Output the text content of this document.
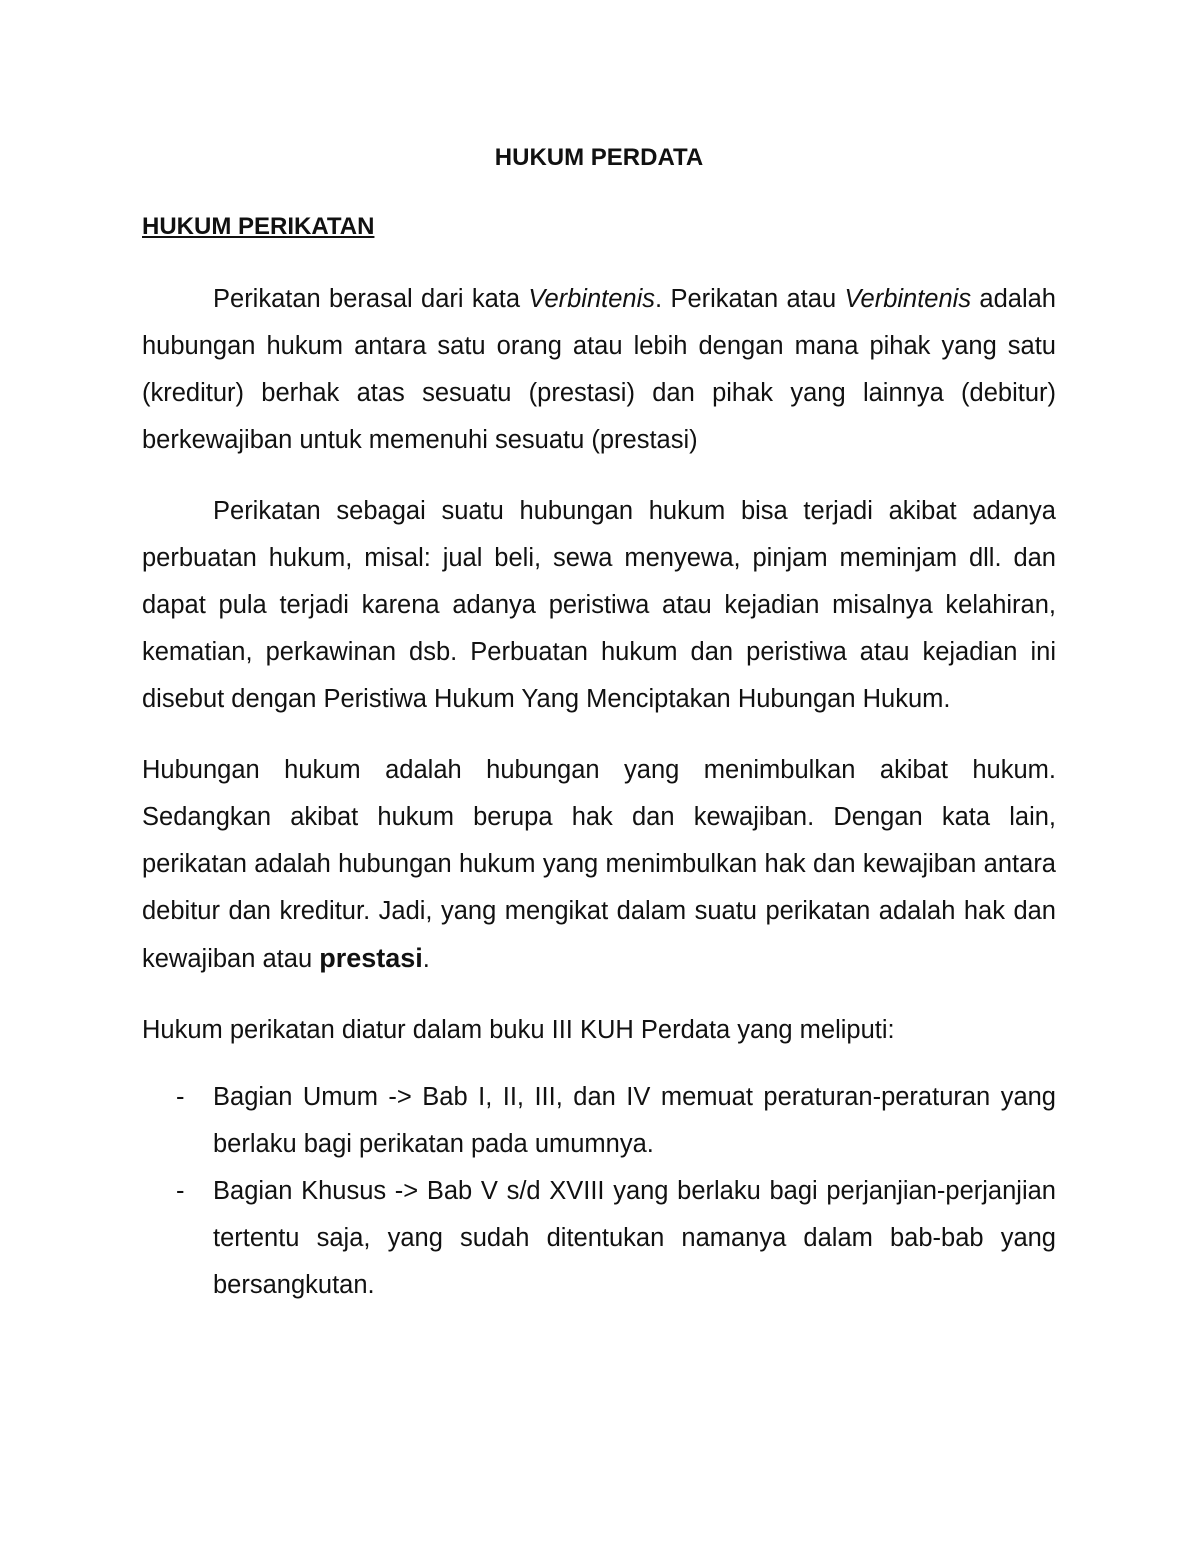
HUKUM PERDATA
HUKUM PERIKATAN

Perikatan berasal dari kata Verbintenis. Perikatan atau Verbintenis adalah hubungan hukum antara satu orang atau lebih dengan mana pihak yang satu (kreditur) berhak atas sesuatu (prestasi) dan pihak yang lainnya (debitur) berkewajiban untuk memenuhi sesuatu (prestasi)

Perikatan sebagai suatu hubungan hukum bisa terjadi akibat adanya perbuatan hukum, misal: jual beli, sewa menyewa, pinjam meminjam dll. dan dapat pula terjadi karena adanya peristiwa atau kejadian misalnya kelahiran, kematian, perkawinan dsb. Perbuatan hukum dan peristiwa atau kejadian ini disebut dengan Peristiwa Hukum Yang Menciptakan Hubungan Hukum.

Hubungan hukum adalah hubungan yang menimbulkan akibat hukum. Sedangkan akibat hukum berupa hak dan kewajiban. Dengan kata lain, perikatan adalah hubungan hukum yang menimbulkan hak dan kewajiban antara debitur dan kreditur. Jadi, yang mengikat dalam suatu perikatan adalah hak dan kewajiban atau prestasi.

Hukum perikatan diatur dalam buku III KUH Perdata yang meliputi:

- Bagian Umum -> Bab I, II, III, dan IV memuat peraturan-peraturan yang berlaku bagi perikatan pada umumnya.
- Bagian Khusus -> Bab V s/d XVIII yang berlaku bagi perjanjian-perjanjian tertentu saja, yang sudah ditentukan namanya dalam bab-bab yang bersangkutan.
